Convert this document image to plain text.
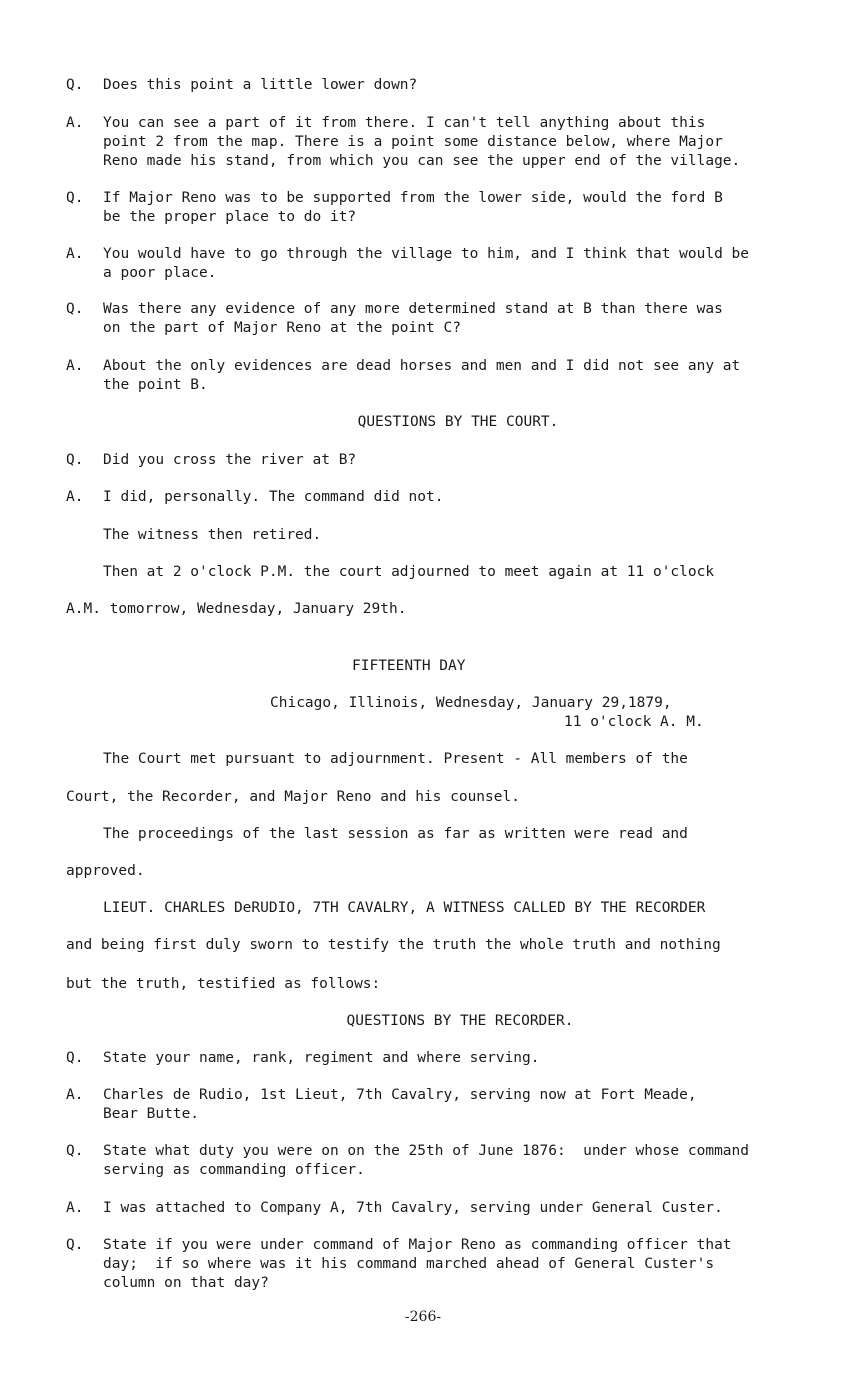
Q. Does this point a little lower down?
A. You can see a part of it from there. I can't tell anything about this
point 2 from the map. There is a point some distance below, where Major
Reno made his stand, from which you can see the upper end of the village.
Q. If Major Reno was to be supported from the lower side, would the ford B
be the proper place to do it?
A. You would have to go through the village to him, and I think that would be
a poor place.
Q. Was there any evidence of any more determined stand at B than there was
on the part of Major Reno at the point C?
A. About the only evidences are dead horses and men and I did not see any at
the point B.
QUESTIONS BY THE COURT.
Q. Did you cross the river at B?
A. I did, personally. The command did not.
The witness then retired.
Then at 2 o'clock P.M. the court adjourned to meet again at 11 o'clock
A.M. tomorrow, Wednesday, January 29th.
FIFTEENTH DAY
Chicago, Illinois, Wednesday, January 29,1879,
11 o'clock A. M.
The Court met pursuant to adjournment. Present - All members of the
Court, the Recorder, and Major Reno and his counsel.
The proceedings of the last session as far as written were read and
approved.
LIEUT. CHARLES DeRUDIO, 7TH CAVALRY, A WITNESS CALLED BY THE RECORDER
and being first duly sworn to testify the truth the whole truth and nothing
but the truth, testified as follows:
QUESTIONS BY THE RECORDER.
Q. State your name, rank, regiment and where serving.
A. Charles de Rudio, 1st Lieut, 7th Cavalry, serving now at Fort Meade,
Bear Butte.
Q. State what duty you were on on the 25th of June 1876:  under whose command
serving as commanding officer.
A. I was attached to Company A, 7th Cavalry, serving under General Custer.
Q. State if you were under command of Major Reno as commanding officer that
day;  if so where was it his command marched ahead of General Custer's
column on that day?
-266-
